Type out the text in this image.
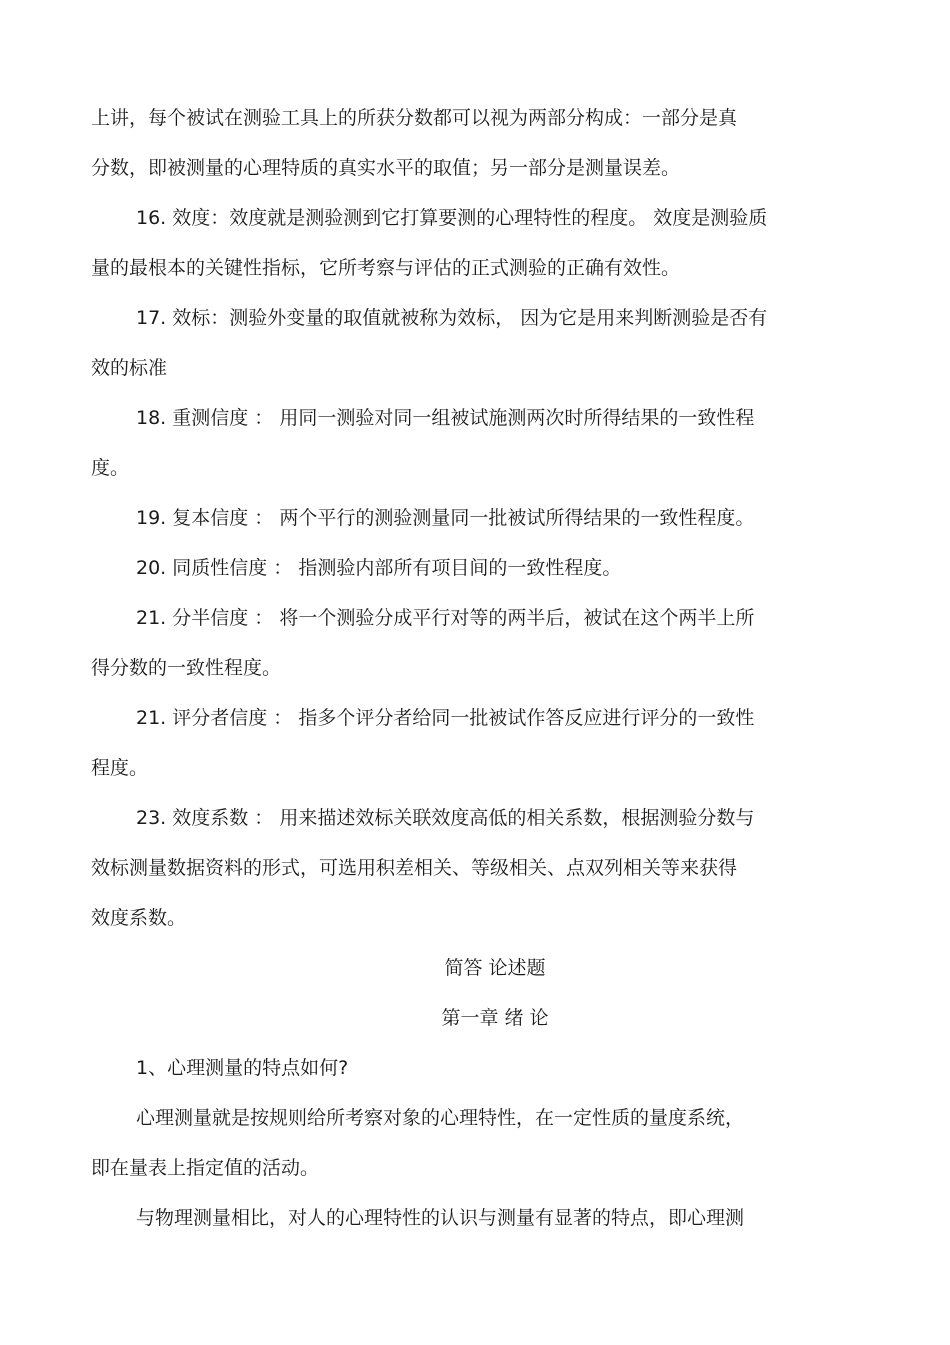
上讲，每个被试在测验工具上的所获分数都可以视为两部分构成：一部分是真
分数，即被测量的心理特质的真实水平的取值；另一部分是测量误差。
16. 效度：效度就是测验测到它打算要测的心理特性的程度。 效度是测验质
量的最根本的关键性指标，它所考察与评估的正式测验的正确有效性。
17. 效标：测验外变量的取值就被称为效标， 因为它是用来判断测验是否有
效的标准
18. 重测信度 ： 用同一测验对同一组被试施测两次时所得结果的一致性程
度。
19. 复本信度 ： 两个平行的测验测量同一批被试所得结果的一致性程度。
20. 同质性信度 ： 指测验内部所有项目间的一致性程度。
21. 分半信度 ： 将一个测验分成平行对等的两半后，被试在这个两半上所
得分数的一致性程度。
21. 评分者信度 ： 指多个评分者给同一批被试作答反应进行评分的一致性
程度。
23. 效度系数 ： 用来描述效标关联效度高低的相关系数，根据测验分数与
效标测量数据资料的形式，可选用积差相关、等级相关、点双列相关等来获得
效度系数。
简答 论述题
第一章 绪 论
1、心理测量的特点如何?
心理测量就是按规则给所考察对象的心理特性，在一定性质的量度系统，
即在量表上指定值的活动。
与物理测量相比，对人的心理特性的认识与测量有显著的特点，即心理测
